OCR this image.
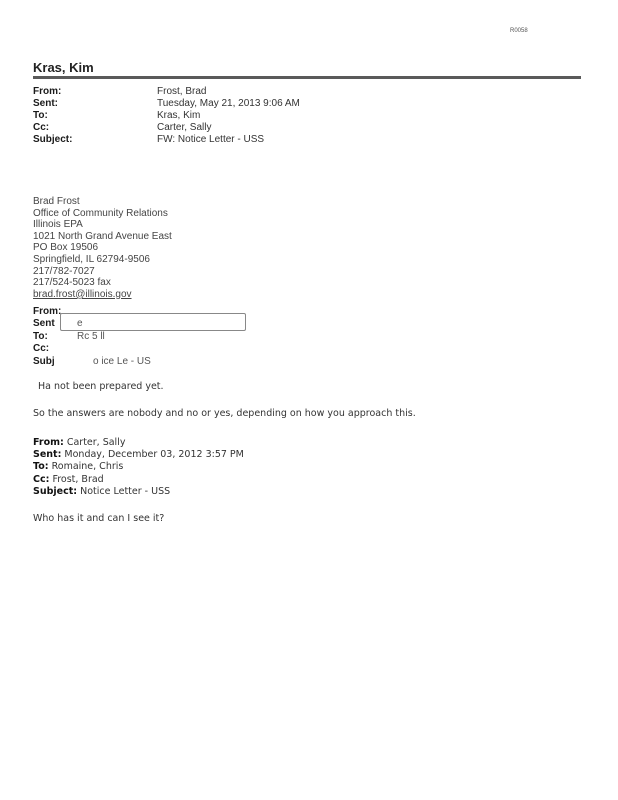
R0058
Kras, Kim
From:	Frost, Brad
Sent:	Tuesday, May 21, 2013 9:06 AM
To:	Kras, Kim
Cc:	Carter, Sally
Subject:	FW: Notice Letter - USS
Brad Frost
Office of Community Relations
Illinois EPA
1021 North Grand Avenue East
PO Box 19506
Springfield, IL 62794-9506
217/782-7027
217/524-5023 fax
brad.frost@illinois.gov
From:
Sent	e
To:	Rc 5 ll
Cc:
Subj	o ice Le - US
Ha not been prepared yet.
So the answers are nobody and no or yes, depending on how you approach this.
From: Carter, Sally
Sent: Monday, December 03, 2012 3:57 PM
To: Romaine, Chris
Cc: Frost, Brad
Subject: Notice Letter - USS
Who has it and can I see it?
